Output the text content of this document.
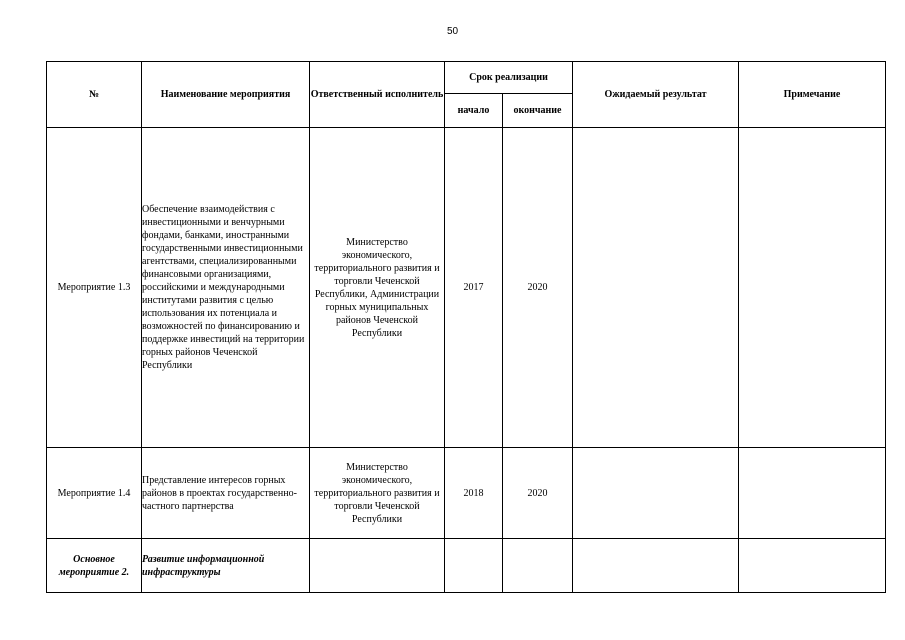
50
№	Наименование мероприятия	Ответственный исполнитель	Срок реализации		Ожидаемый результат	Примечание
			начало	окончание		
Мероприятие 1.3	Обеспечение взаимодействия с инвестиционными и венчурными фондами, банками, иностранными государственными инвестиционными агентствами, специализированными финансовыми организациями, российскими и международными институтами развития с целью использования их потенциала и возможностей по финансированию и поддержке инвестиций на территории горных районов Чеченской Республики	Министерство экономического, территориального развития и торговли Чеченской Республики, Администрации горных муниципальных районов Чеченской Республики	2017	2020		
Мероприятие 1.4	Представление интересов горных районов в проектах государственно-частного партнерства	Министерство экономического, территориального развития и торговли Чеченской Республики	2018	2020		
Основное мероприятие 2.	Развитие информационной инфраструктуры					
